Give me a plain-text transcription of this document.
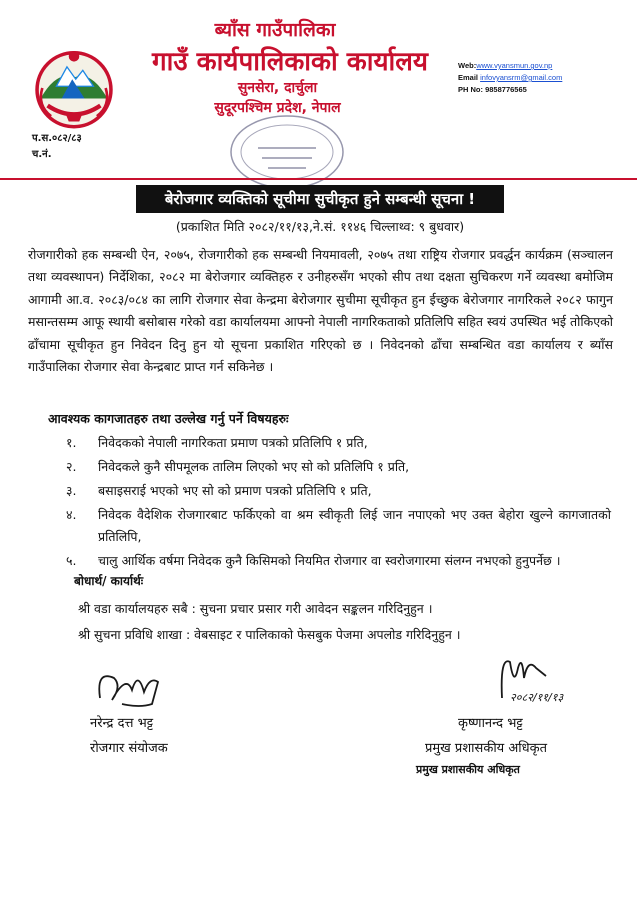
ब्याँस गाउँपालिका
गाउँ कार्यपालिकाको कार्यालय
सुनसेरा, दार्चुला
सुदूरपश्चिम प्रदेश, नेपाल
Web:www.vyansmun.gov.np
Email infovyansrm@gmail.com
PH No: 9858776565
प.स.०८२/८३
च.नं.
बेरोजगार व्यक्तिको सूचीमा सुचीकृत हुने सम्बन्धी सूचना !
(प्रकाशित मिति २०८२/११/१३,ने.सं. ११४६ चिल्लाथ्व: ९ बुधवार)
रोजगारीको हक सम्बन्धी ऐन, २०७५, रोजगारीको हक सम्बन्धी नियमावली, २०७५ तथा राष्ट्रिय रोजगार प्रवर्द्धन कार्यक्रम (सञ्चालन तथा व्यवस्थापन) निर्देशिका, २०८२ मा बेरोजगार व्यक्तिहरु र उनीहरुसँग भएको सीप तथा दक्षता सुचिकरण गर्ने व्यवस्था बमोजिम आगामी आ.व. २०८३/०८४ का लागि रोजगार सेवा केन्द्रमा बेरोजगार सुचीमा सूचीकृत हुन ईच्छुक बेरोजगार नागरिकले २०८२ फागुन मसान्तसम्म आफू स्थायी बसोबास गरेको वडा कार्यालयमा आफ्नो नेपाली नागरिकताको प्रतिलिपि सहित स्वयं उपस्थित भई तोकिएको ढाँचामा सूचीकृत हुन निवेदन दिनु हुन यो सूचना प्रकाशित गरिएको छ । निवेदनको ढाँचा सम्बन्धित वडा कार्यालय र ब्याँस गाउँपालिका रोजगार सेवा केन्द्रबाट प्राप्त गर्न सकिनेछ ।
आवश्यक कागजातहरु तथा उल्लेख गर्नु पर्ने विषयहरुः
१.	निवेदकको नेपाली नागरिकता प्रमाण पत्रको प्रतिलिपि १ प्रति,
२.	निवेदकले कुनै सीपमूलक तालिम लिएको भए सो को प्रतिलिपि १ प्रति,
३.	बसाइसराई भएको भए सो को प्रमाण पत्रको प्रतिलिपि १ प्रति,
४.	निवेदक वैदेशिक रोजगारबाट फर्किएको वा श्रम स्वीकृती लिई जान नपाएको भए उक्त बेहोरा खुल्ने कागजातको प्रतिलिपि,
५.	चालु आर्थिक वर्षमा निवेदक कुनै किसिमको नियमित रोजगार वा स्वरोजगारमा संलग्न नभएको हुनुपर्नेछ ।
बोधार्थ/ कार्यार्थः
श्री वडा कार्यालयहरु सबै : सुचना प्रचार प्रसार गरी आवेदन सङ्कलन गरिदिनुहुन ।
श्री सुचना प्रविधि शाखा : वेबसाइट र पालिकाको फेसबुक पेजमा अपलोड गरिदिनुहुन ।
नरेन्द्र दत्त भट्ट
रोजगार संयोजक
२०८२/११/१३
कृष्णानन्द भट्ट
प्रमुख प्रशासकीय अधिकृत
प्रमुख प्रशासकीय अधिकृत
